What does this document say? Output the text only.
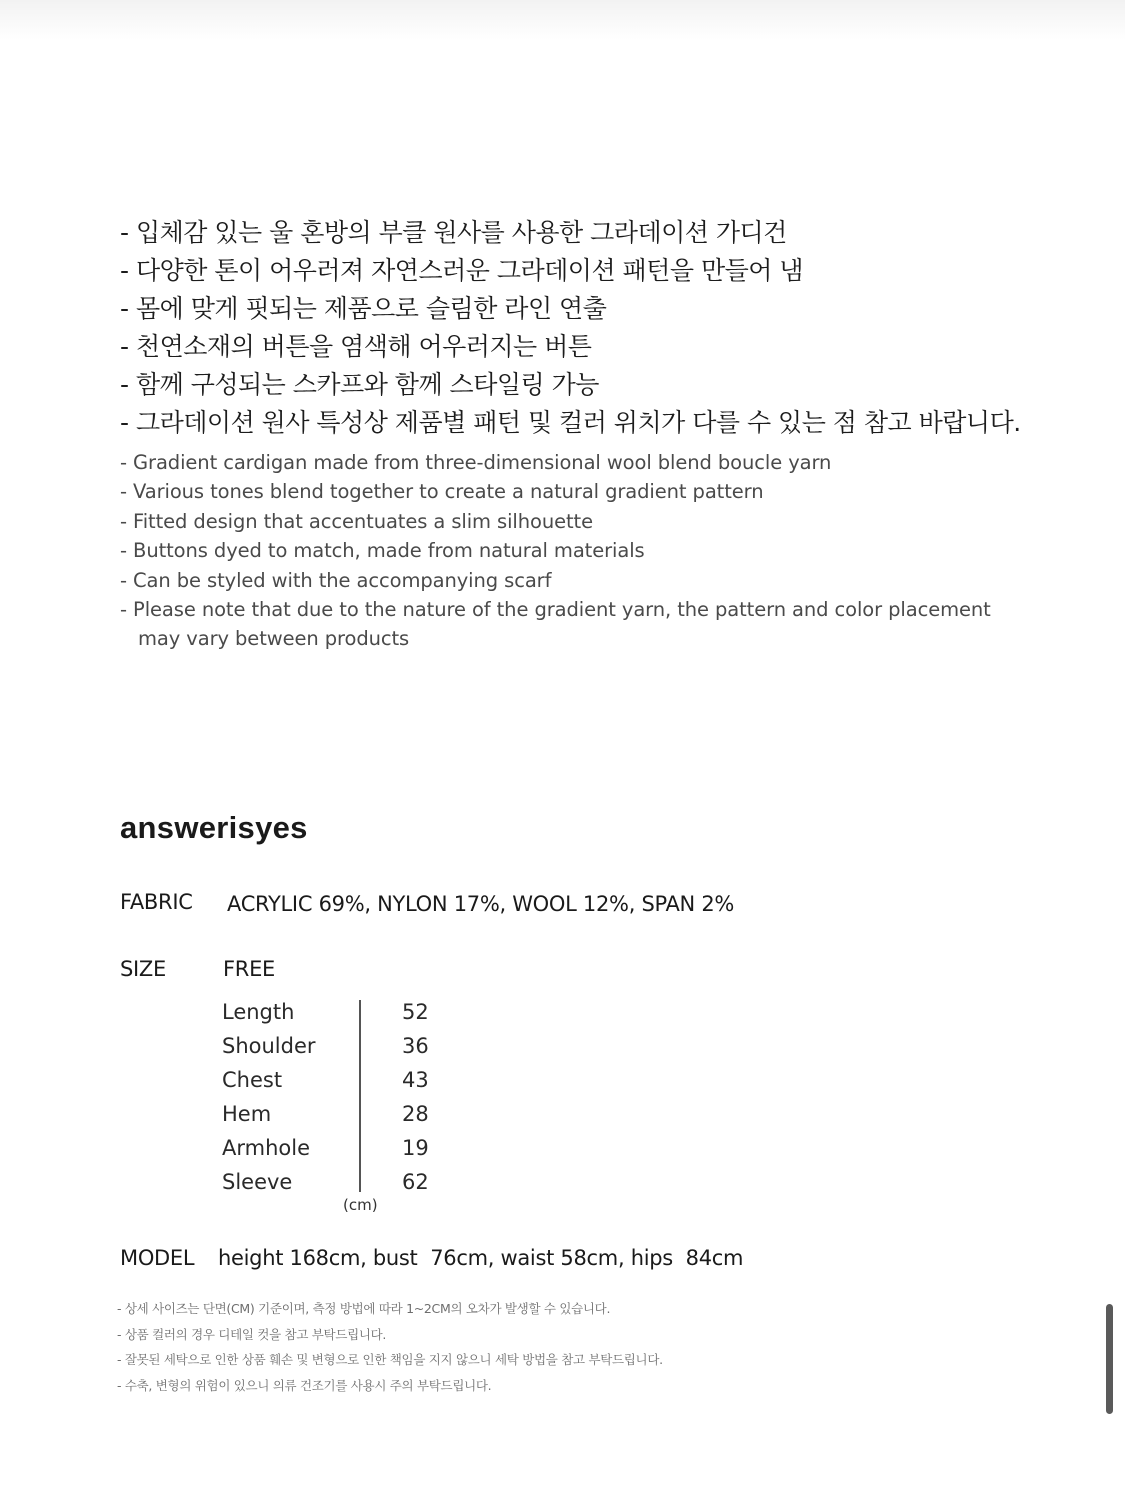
- 입체감 있는 울 혼방의 부클 원사를 사용한 그라데이션 가디건
- 다양한 톤이 어우러져 자연스러운 그라데이션 패턴을 만들어 냄
- 몸에 맞게 핏되는 제품으로 슬림한 라인 연출
- 천연소재의 버튼을 염색해 어우러지는 버튼
- 함께 구성되는 스카프와 함께 스타일링 가능
- 그라데이션 원사 특성상 제품별 패턴 및 컬러 위치가 다를 수 있는 점 참고 바랍니다.
- Gradient cardigan made from three-dimensional wool blend boucle yarn
- Various tones blend together to create a natural gradient pattern
- Fitted design that accentuates a slim silhouette
- Buttons dyed to match, made from natural materials
- Can be styled with the accompanying scarf
- Please note that due to the nature of the gradient yarn, the pattern and color placement may vary between products
answerisyes
FABRIC ACRYLIC 69%, NYLON 17%, WOOL 12%, SPAN 2%
SIZE	FREE
Length	52
Shoulder	36
Chest	43
Hem	28
Armhole	19
Sleeve	62
(cm)
MODEL height 168cm, bust  76cm, waist 58cm, hips  84cm
- 상세 사이즈는 단면(CM) 기준이며, 측정 방법에 따라 1~2CM의 오차가 발생할 수 있습니다.
- 상품 컬러의 경우 디테일 컷을 참고 부탁드립니다.
- 잘못된 세탁으로 인한 상품 훼손 및 변형으로 인한 책임을 지지 않으니 세탁 방법을 참고 부탁드립니다.
- 수축, 변형의 위험이 있으니 의류 건조기를 사용시 주의 부탁드립니다.
